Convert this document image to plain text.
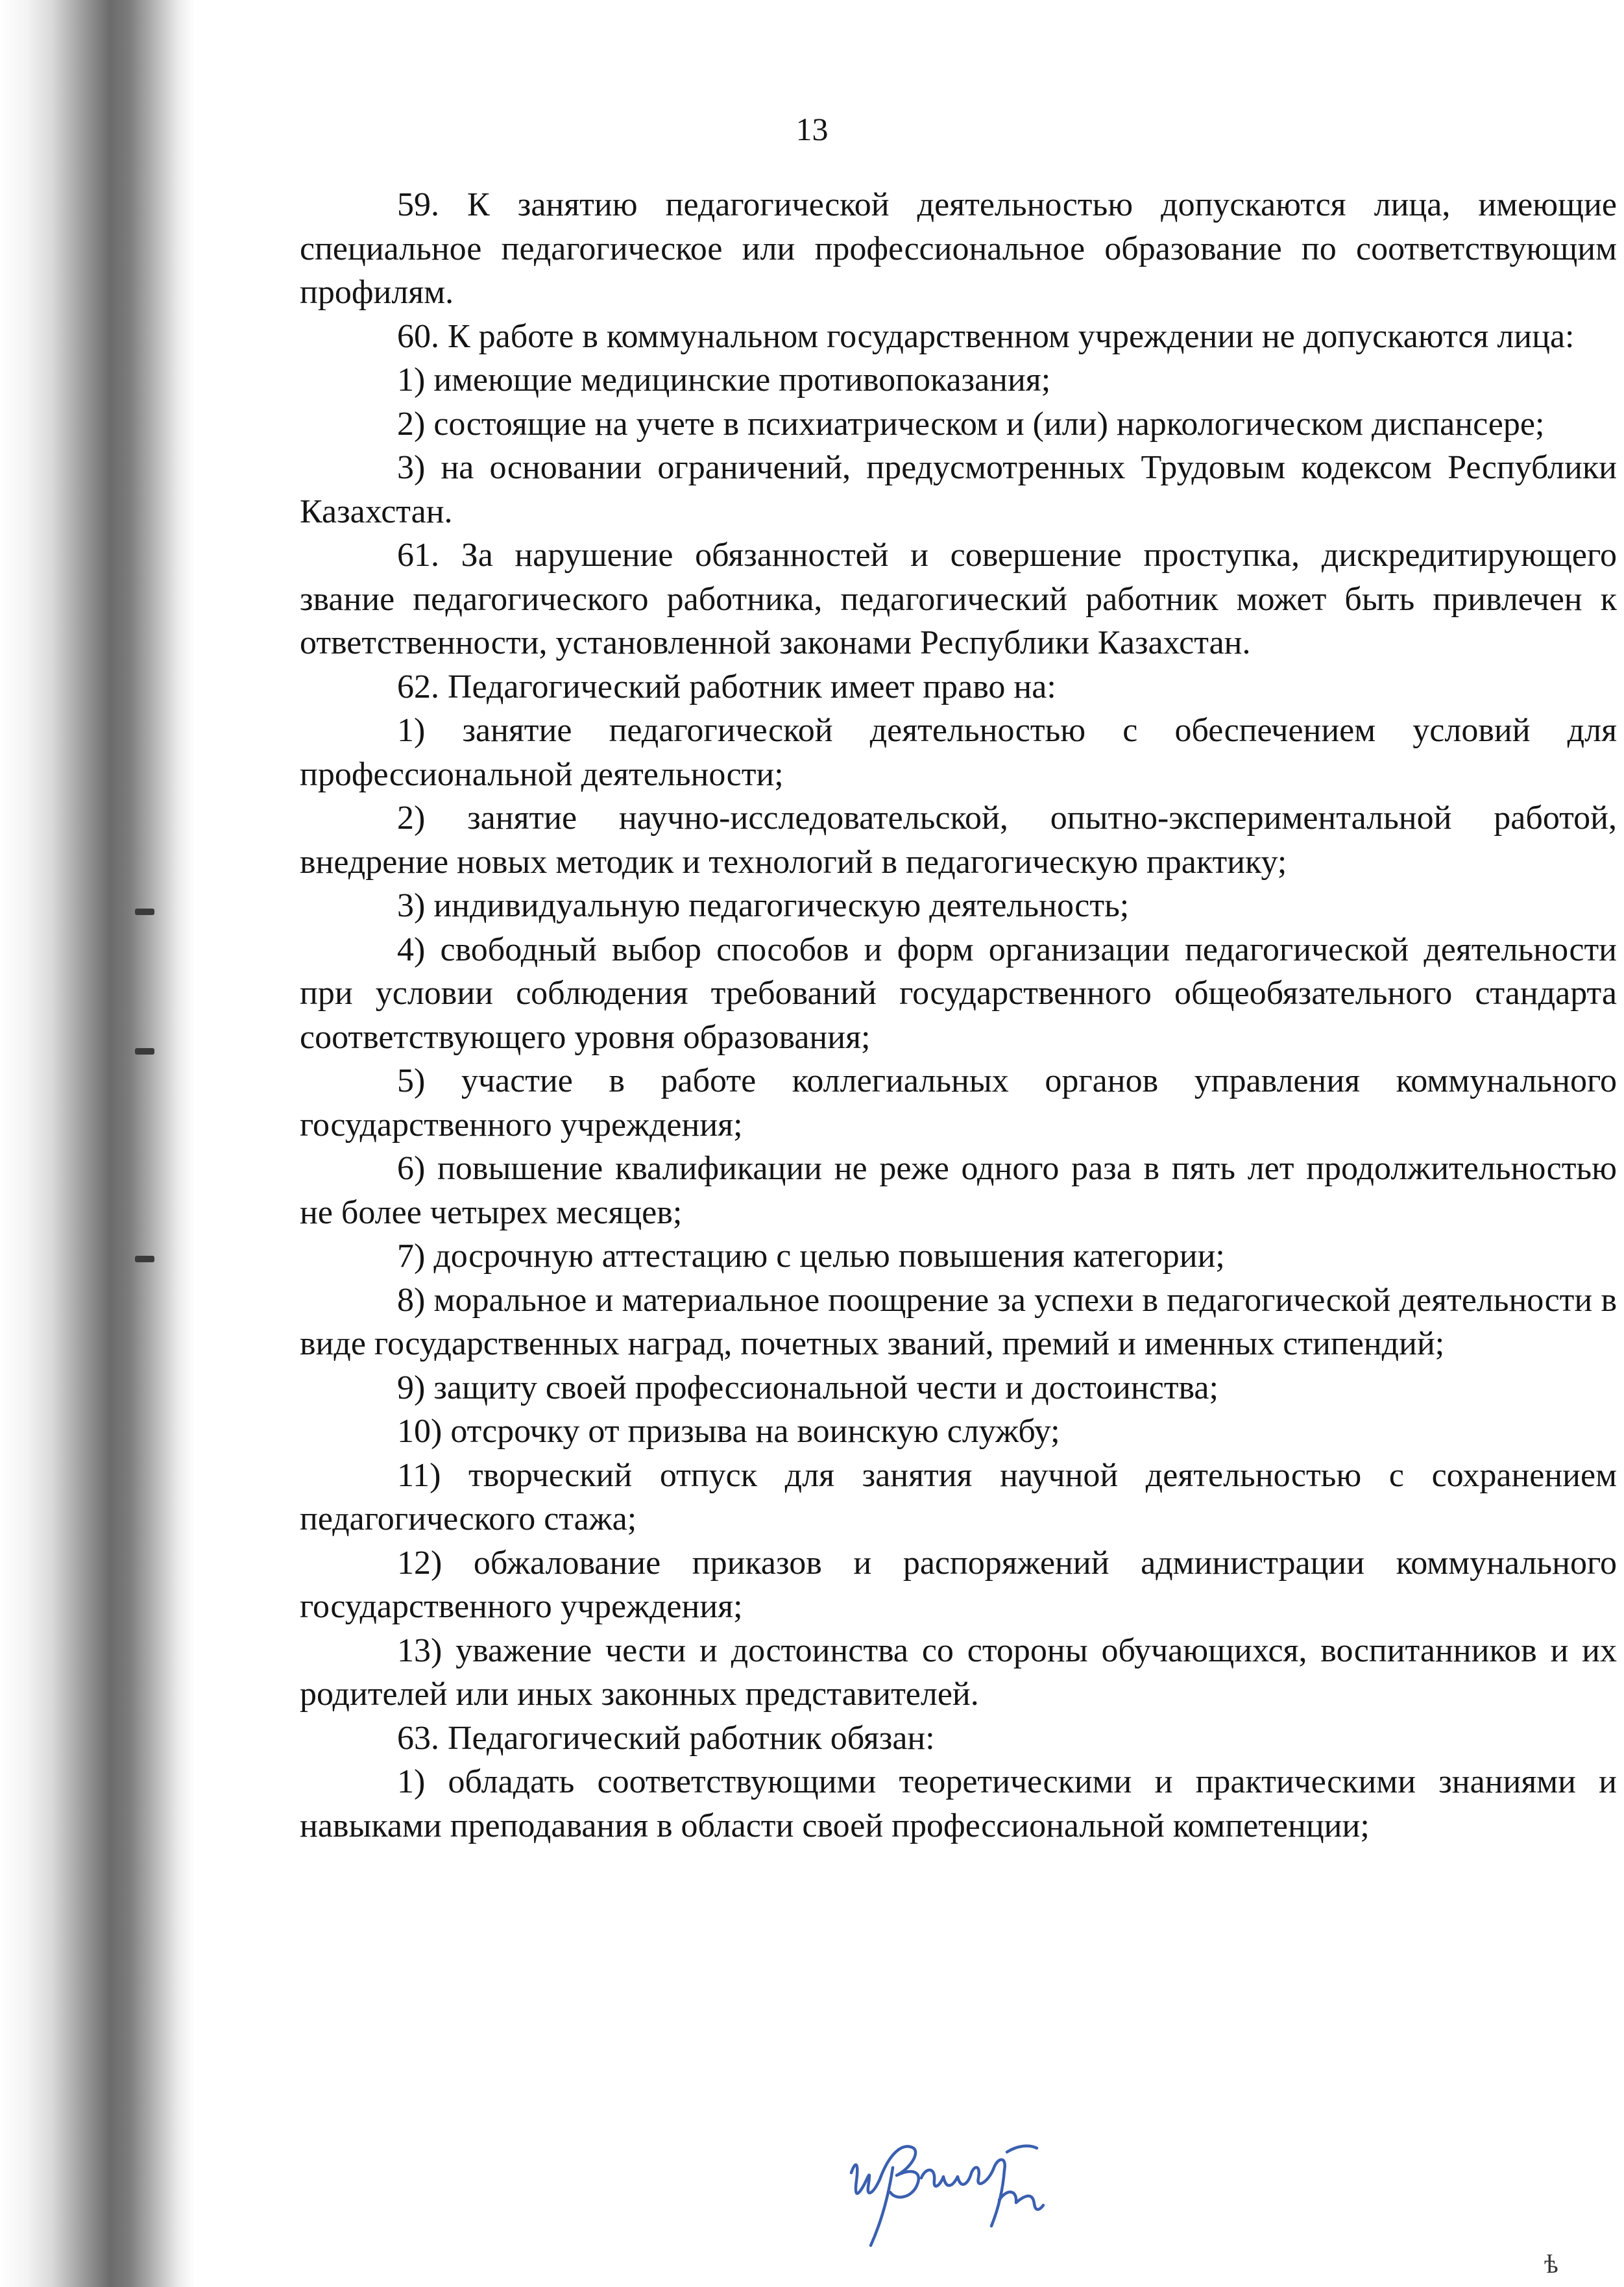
13

59. К занятию педагогической деятельностью допускаются лица, имеющие специальное педагогическое или профессиональное образование по соответствующим профилям.

60. К работе в коммунальном государственном учреждении не допускаются лица:

1) имеющие медицинские противопоказания;

2) состоящие на учете в психиатрическом и (или) наркологическом диспансере;

3) на основании ограничений, предусмотренных Трудовым кодексом Республики Казахстан.

61. За нарушение обязанностей и совершение проступка, дискредитирующего звание педагогического работника, педагогический работник может быть привлечен к ответственности, установленной законами Республики Казахстан.

62. Педагогический работник имеет право на:

1) занятие педагогической деятельностью с обеспечением условий для профессиональной деятельности;

2) занятие научно-исследовательской, опытно-экспериментальной работой, внедрение новых методик и технологий в педагогическую практику;

3) индивидуальную педагогическую деятельность;

4) свободный выбор способов и форм организации педагогической деятельности при условии соблюдения требований государственного общеобязательного стандарта соответствующего уровня образования;

5) участие в работе коллегиальных органов управления коммунального государственного учреждения;

6) повышение квалификации не реже одного раза в пять лет продолжительностью не более четырех месяцев;

7) досрочную аттестацию с целью повышения категории;

8) моральное и материальное поощрение за успехи в педагогической деятельности в виде государственных наград, почетных званий, премий и именных стипендий;

9) защиту своей профессиональной чести и достоинства;

10) отсрочку от призыва на воинскую службу;

11) творческий отпуск для занятия научной деятельностью с сохранением педагогического стажа;

12) обжалование приказов и распоряжений администрации коммунального государственного учреждения;

13) уважение чести и достоинства со стороны обучающихся, воспитанников и их родителей или иных законных представителей.

63. Педагогический работник обязан:

1) обладать соответствующими теоретическими и практическими знаниями и навыками преподавания в области своей профессиональной компетенции;

ѣ
